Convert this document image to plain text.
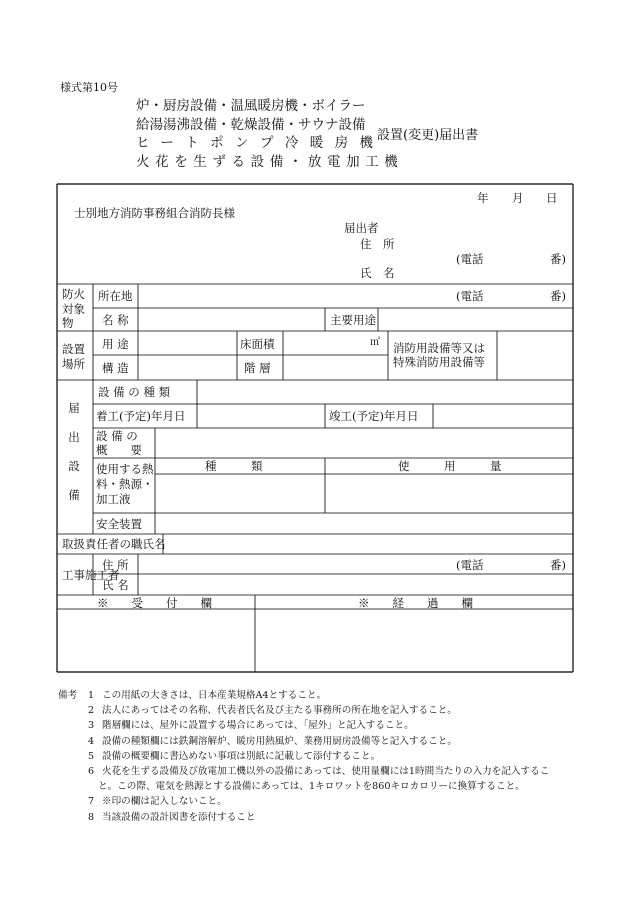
様式第10号
炉・厨房設備・温風暖房機・ボイラー
給湯湯沸設備・乾燥設備・サウナ設備
ヒートポンプ冷暖房機
火花を生ずる設備・放電加工機
設置(変更)届出書
年 月 日
士別地方消防事務組合消防長様
届出者
住　所
(電話	番)
氏　名
防火対象物
所在地	(電話	番)
名 称	主要用途
設置場所
用 途	床面積	㎡ 消防用設備等又は
特殊消防用設備等
構 造	階 層
届
出
設
備
設 備 の 種 類
着工(予定)年月日	竣工(予定)年月日
設 備 の
概　　要
使用する熱
料・熱源・
加工液
種　　　類	使　　　用　　　量
安全装置
取扱責任者の職氏名
工事施工者
住 所	(電話	番)
氏 名
※　　受　　付　　欄	※　　経　　過　　欄
備考	1 この用紙の大きさは、日本産業規格A4とすること。
2 法人にあってはその名称、代表者氏名及び主たる事務所の所在地を記入すること。
3 階層欄には、屋外に設置する場合にあっては、「屋外」と記入すること。
4 設備の種類欄には鉄鋼溶解炉、暖房用熱風炉、業務用厨房設備等と記入すること。
5 設備の概要欄に書込めない事項は別紙に記載して添付すること。
6 火花を生ずる設備及び放電加工機以外の設備にあっては、使用量欄には1時間当たりの入力を記入するこ
と。この際、電気を熱源とする設備にあっては、1キロワットを860キロカロリーに換算すること。
7 ※印の欄は記入しないこと。
8 当該設備の設計図書を添付すること
